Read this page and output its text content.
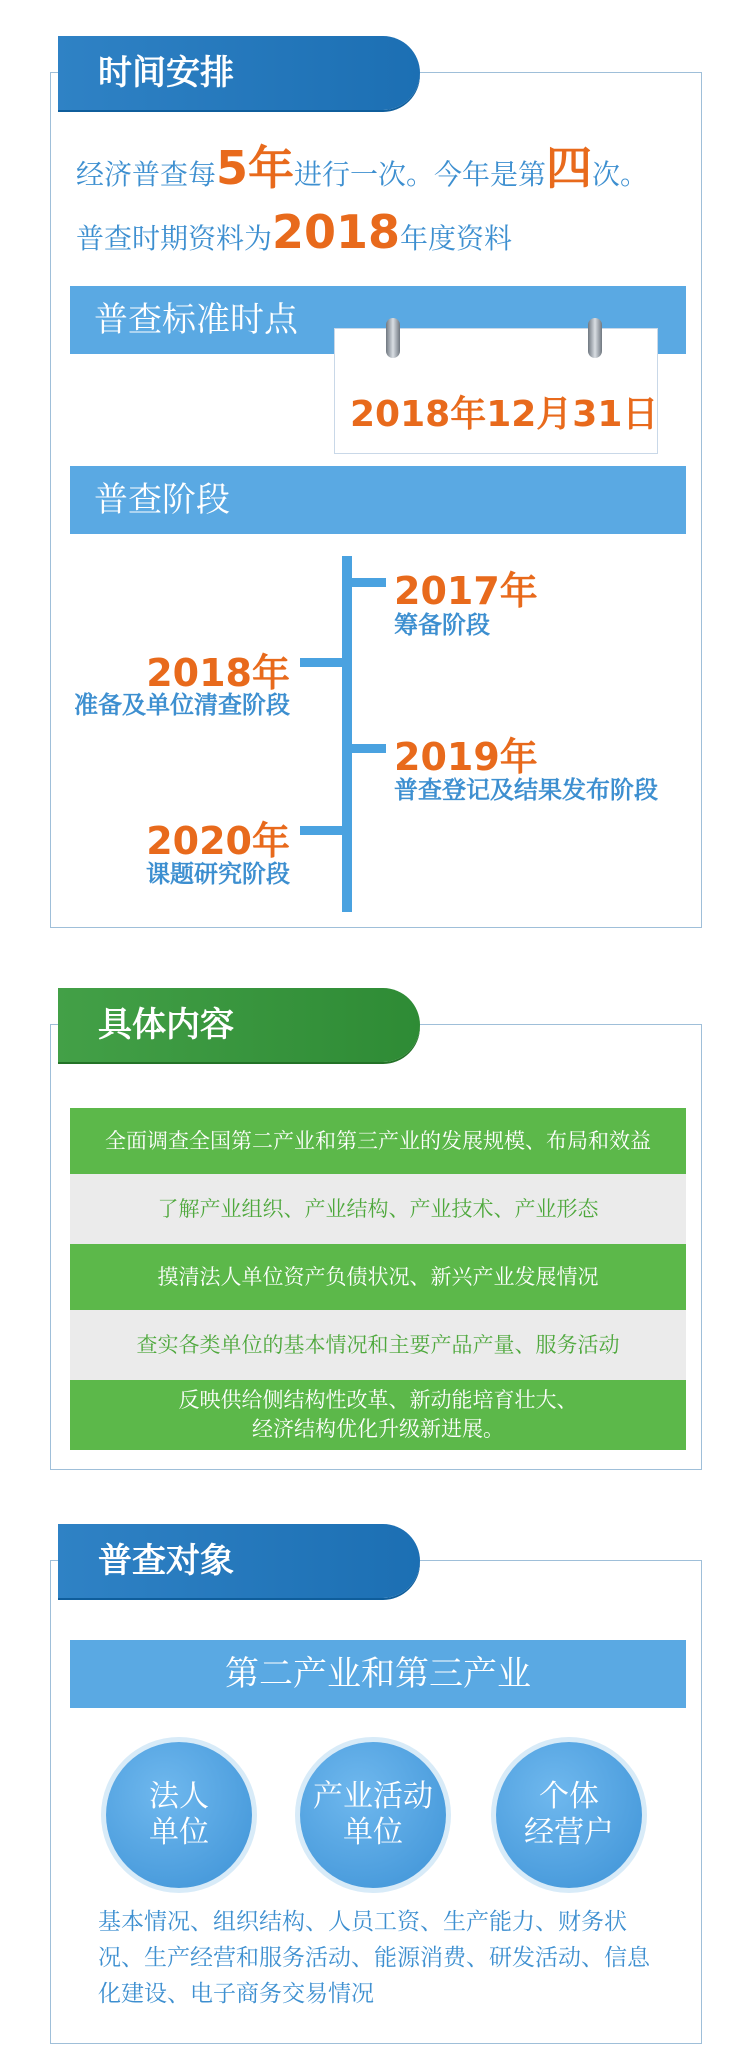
时间安排
经济普查每5年进行一次。今年是第四次。
普查时期资料为2018年度资料
普查标准时点
2018年12月31日
普查阶段
2017年
筹备阶段
2018年
准备及单位清查阶段
2019年
普查登记及结果发布阶段
2020年
课题研究阶段
具体内容
全面调查全国第二产业和第三产业的发展规模、布局和效益
了解产业组织、产业结构、产业技术、产业形态
摸清法人单位资产负债状况、新兴产业发展情况
查实各类单位的基本情况和主要产品产量、服务活动
反映供给侧结构性改革、新动能培育壮大、
经济结构优化升级新进展。
普查对象
第二产业和第三产业
法人
单位
产业活动
单位
个体
经营户
基本情况、组织结构、人员工资、生产能力、财务状况、生产经营和服务活动、能源消费、研发活动、信息化建设、电子商务交易情况
